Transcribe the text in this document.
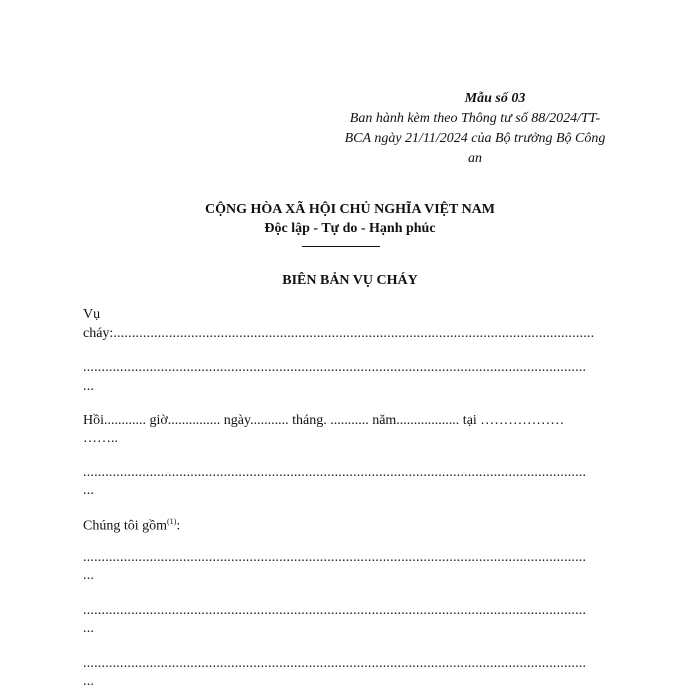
Mẫu số 03
Ban hành kèm theo Thông tư số 88/2024/TT-
BCA ngày 21/11/2024 của Bộ trưởng Bộ Công
an
CỘNG HÒA XÃ HỘI CHỦ NGHĨA VIỆT NAM
Độc lập - Tự do - Hạnh phúc
BIÊN BẢN VỤ CHÁY
Vụ
cháy:..................................................................................................................................
........................................................................................................................................
...
Hồi............ giờ............... ngày........... tháng. ........... năm.................. tại ………………
……..
........................................................................................................................................
...
Chúng tôi gồm$^{(1)}$:
........................................................................................................................................
...
........................................................................................................................................
...
........................................................................................................................................
...
